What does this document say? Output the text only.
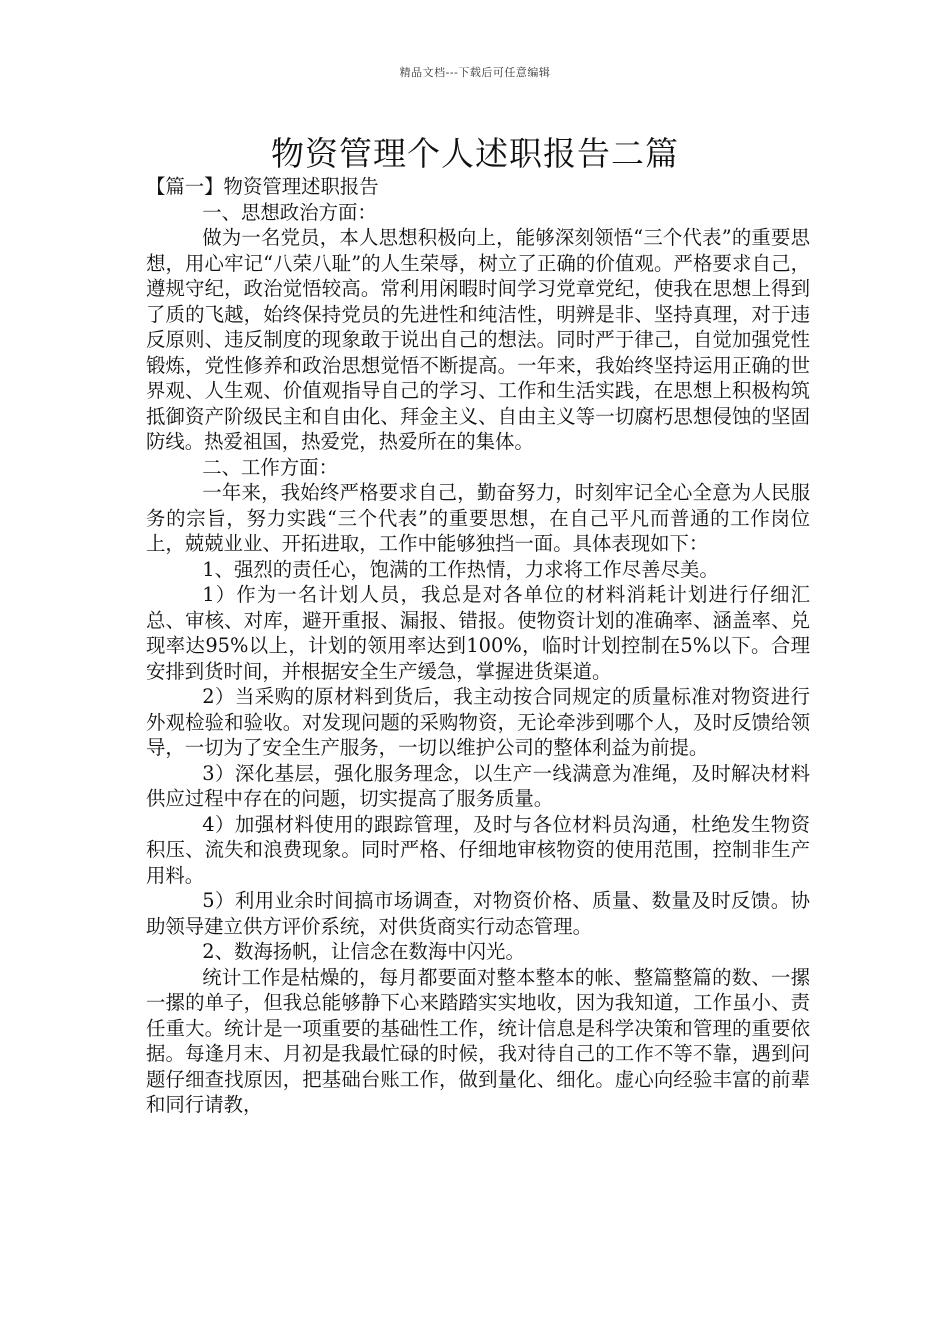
精品文档---下载后可任意编辑
物资管理个人述职报告二篇

【篇一】物资管理述职报告

一、思想政治方面：

做为一名党员，本人思想积极向上，能够深刻领悟“三个代表”的重要思想，用心牢记“八荣八耻”的人生荣辱，树立了正确的价值观。严格要求自己，遵规守纪，政治觉悟较高。常利用闲暇时间学习党章党纪，使我在思想上得到了质的飞越，始终保持党员的先进性和纯洁性，明辨是非、坚持真理，对于违反原则、违反制度的现象敢于说出自己的想法。同时严于律己，自觉加强党性锻炼，党性修养和政治思想觉悟不断提高。一年来，我始终坚持运用正确的世界观、人生观、价值观指导自己的学习、工作和生活实践，在思想上积极构筑抵御资产阶级民主和自由化、拜金主义、自由主义等一切腐朽思想侵蚀的坚固防线。热爱祖国，热爱党，热爱所在的集体。

二、工作方面：

一年来，我始终严格要求自己，勤奋努力，时刻牢记全心全意为人民服务的宗旨，努力实践“三个代表”的重要思想，在自己平凡而普通的工作岗位上，兢兢业业、开拓进取，工作中能够独挡一面。具体表现如下：

1、强烈的责任心，饱满的工作热情，力求将工作尽善尽美。

1）作为一名计划人员，我总是对各单位的材料消耗计划进行仔细汇总、审核、对库，避开重报、漏报、错报。使物资计划的准确率、涵盖率、兑现率达95%以上，计划的领用率达到100%，临时计划控制在5%以下。合理安排到货时间，并根据安全生产缓急，掌握进货渠道。

2）当采购的原材料到货后，我主动按合同规定的质量标准对物资进行外观检验和验收。对发现问题的采购物资，无论牵涉到哪个人，及时反馈给领导，一切为了安全生产服务，一切以维护公司的整体利益为前提。

3）深化基层，强化服务理念，以生产一线满意为准绳，及时解决材料供应过程中存在的问题，切实提高了服务质量。

4）加强材料使用的跟踪管理，及时与各位材料员沟通，杜绝发生物资积压、流失和浪费现象。同时严格、仔细地审核物资的使用范围，控制非生产用料。

5）利用业余时间搞市场调查，对物资价格、质量、数量及时反馈。协助领导建立供方评价系统，对供货商实行动态管理。

2、数海扬帆，让信念在数海中闪光。

统计工作是枯燥的，每月都要面对整本整本的帐、整篇整篇的数、一摞一摞的单子，但我总能够静下心来踏踏实实地收，因为我知道，工作虽小、责任重大。统计是一项重要的基础性工作，统计信息是科学决策和管理的重要依据。每逢月末、月初是我最忙碌的时候，我对待自己的工作不等不靠，遇到问题仔细查找原因，把基础台账工作，做到量化、细化。虚心向经验丰富的前辈和同行请教，
